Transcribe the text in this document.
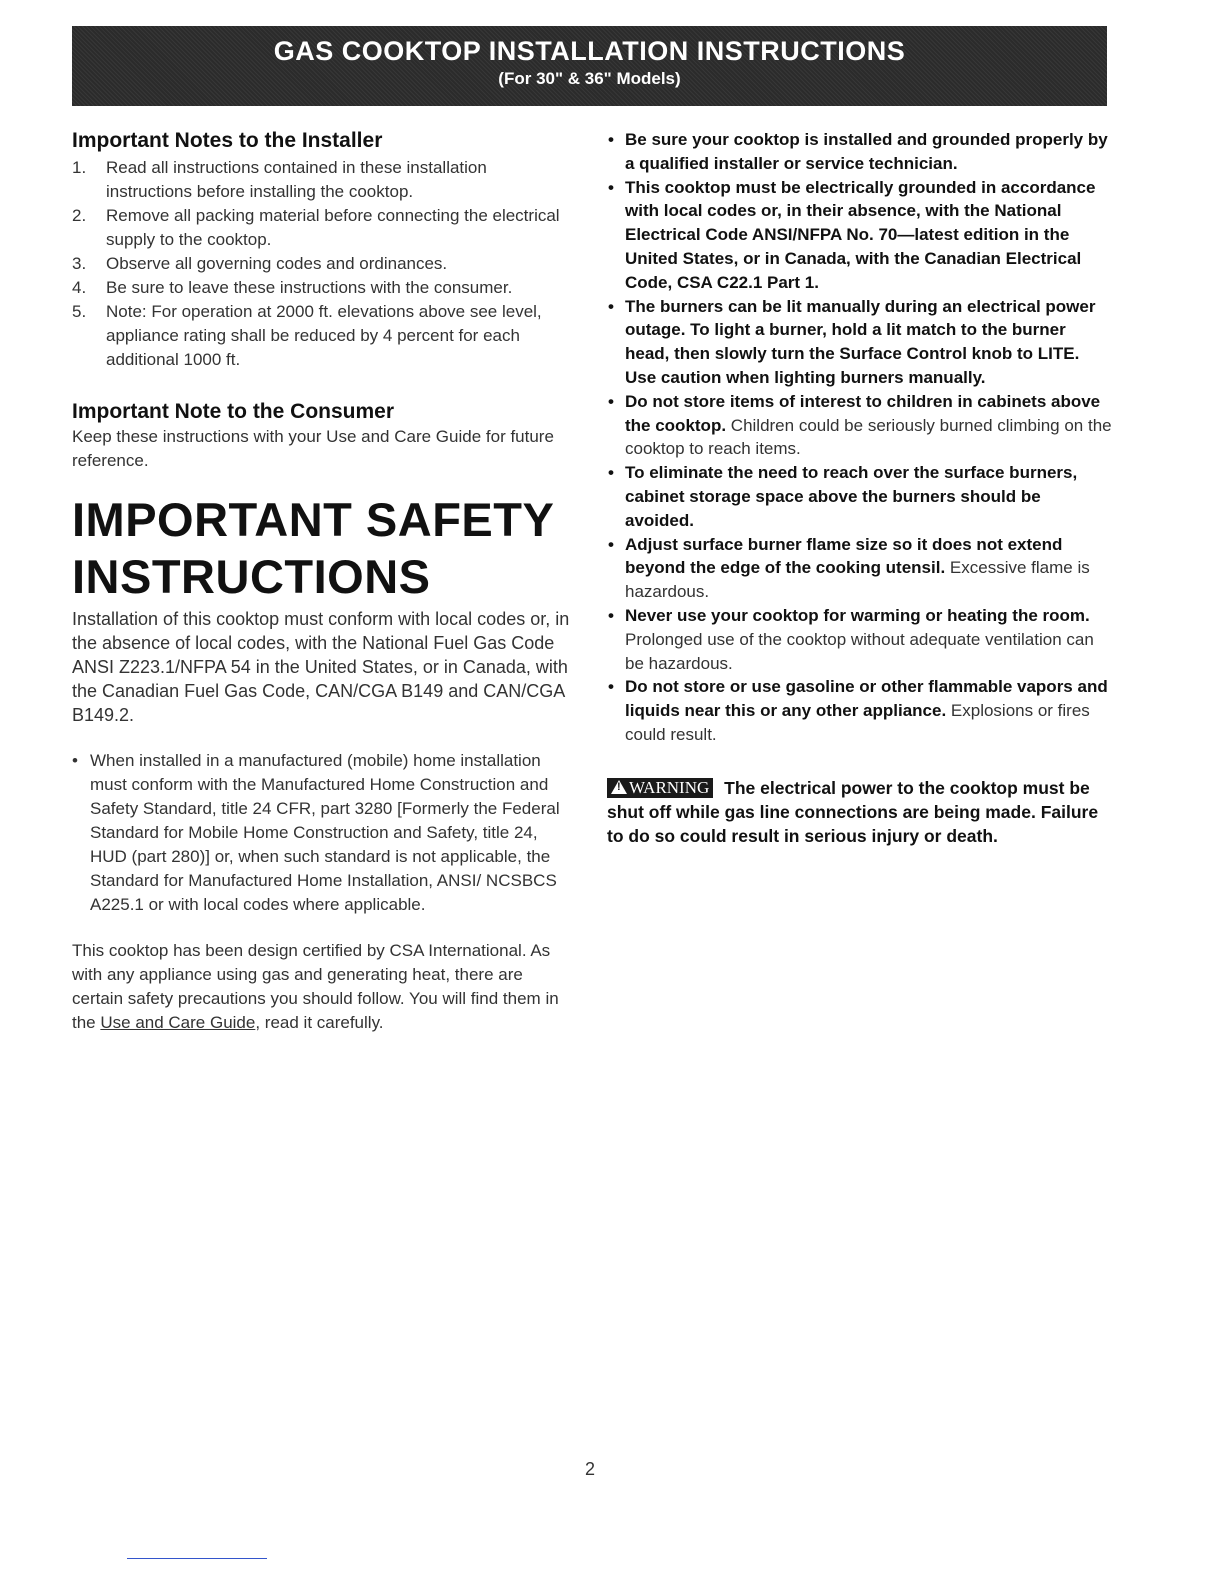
GAS COOKTOP INSTALLATION INSTRUCTIONS
(For 30" & 36" Models)
Important Notes to the Installer
1. Read all instructions contained in these installation instructions before installing the cooktop.
2. Remove all packing material before connecting the electrical supply to the cooktop.
3. Observe all governing codes and ordinances.
4. Be sure to leave these instructions with the consumer.
5. Note: For operation at 2000 ft. elevations above see level, appliance rating shall be reduced by 4 percent for each additional 1000 ft.
Important Note to the Consumer

Keep these instructions with your Use and Care Guide for future reference.

IMPORTANT SAFETY INSTRUCTIONS

Installation of this cooktop must conform with local codes or, in the absence of local codes, with the National Fuel Gas Code ANSI Z223.1/NFPA 54 in the United States, or in Canada, with the Canadian Fuel Gas Code, CAN/CGA B149 and CAN/CGA B149.2.

• When installed in a manufactured (mobile) home installation must conform with the Manufactured Home Construction and Safety Standard, title 24 CFR, part 3280 [Formerly the Federal Standard for Mobile Home Construction and Safety, title 24, HUD (part 280)] or, when such standard is not applicable, the Standard for Manufactured Home Installation, ANSI/ NCSBCS A225.1 or with local codes where applicable.

This cooktop has been design certified by CSA International. As with any appliance using gas and generating heat, there are certain safety precautions you should follow. You will find them in the Use and Care Guide, read it carefully.

• Be sure your cooktop is installed and grounded properly by a qualified installer or service technician.
• This cooktop must be electrically grounded in accordance with local codes or, in their absence, with the National Electrical Code ANSI/NFPA No. 70—latest edition in the United States, or in Canada, with the Canadian Electrical Code, CSA C22.1 Part 1.
• The burners can be lit manually during an electrical power outage. To light a burner, hold a lit match to the burner head, then slowly turn the Surface Control knob to LITE. Use caution when lighting burners manually.
• Do not store items of interest to children in cabinets above the cooktop. Children could be seriously burned climbing on the cooktop to reach items.
• To eliminate the need to reach over the surface burners, cabinet storage space above the burners should be avoided.
• Adjust surface burner flame size so it does not extend beyond the edge of the cooking utensil. Excessive flame is hazardous.
• Never use your cooktop for warming or heating the room. Prolonged use of the cooktop without adequate ventilation can be hazardous.
• Do not store or use gasoline or other flammable vapors and liquids near this or any other appliance. Explosions or fires could result.
! WARNING The electrical power to the cooktop must be shut off while gas line connections are being made. Failure to do so could result in serious injury or death.
2
